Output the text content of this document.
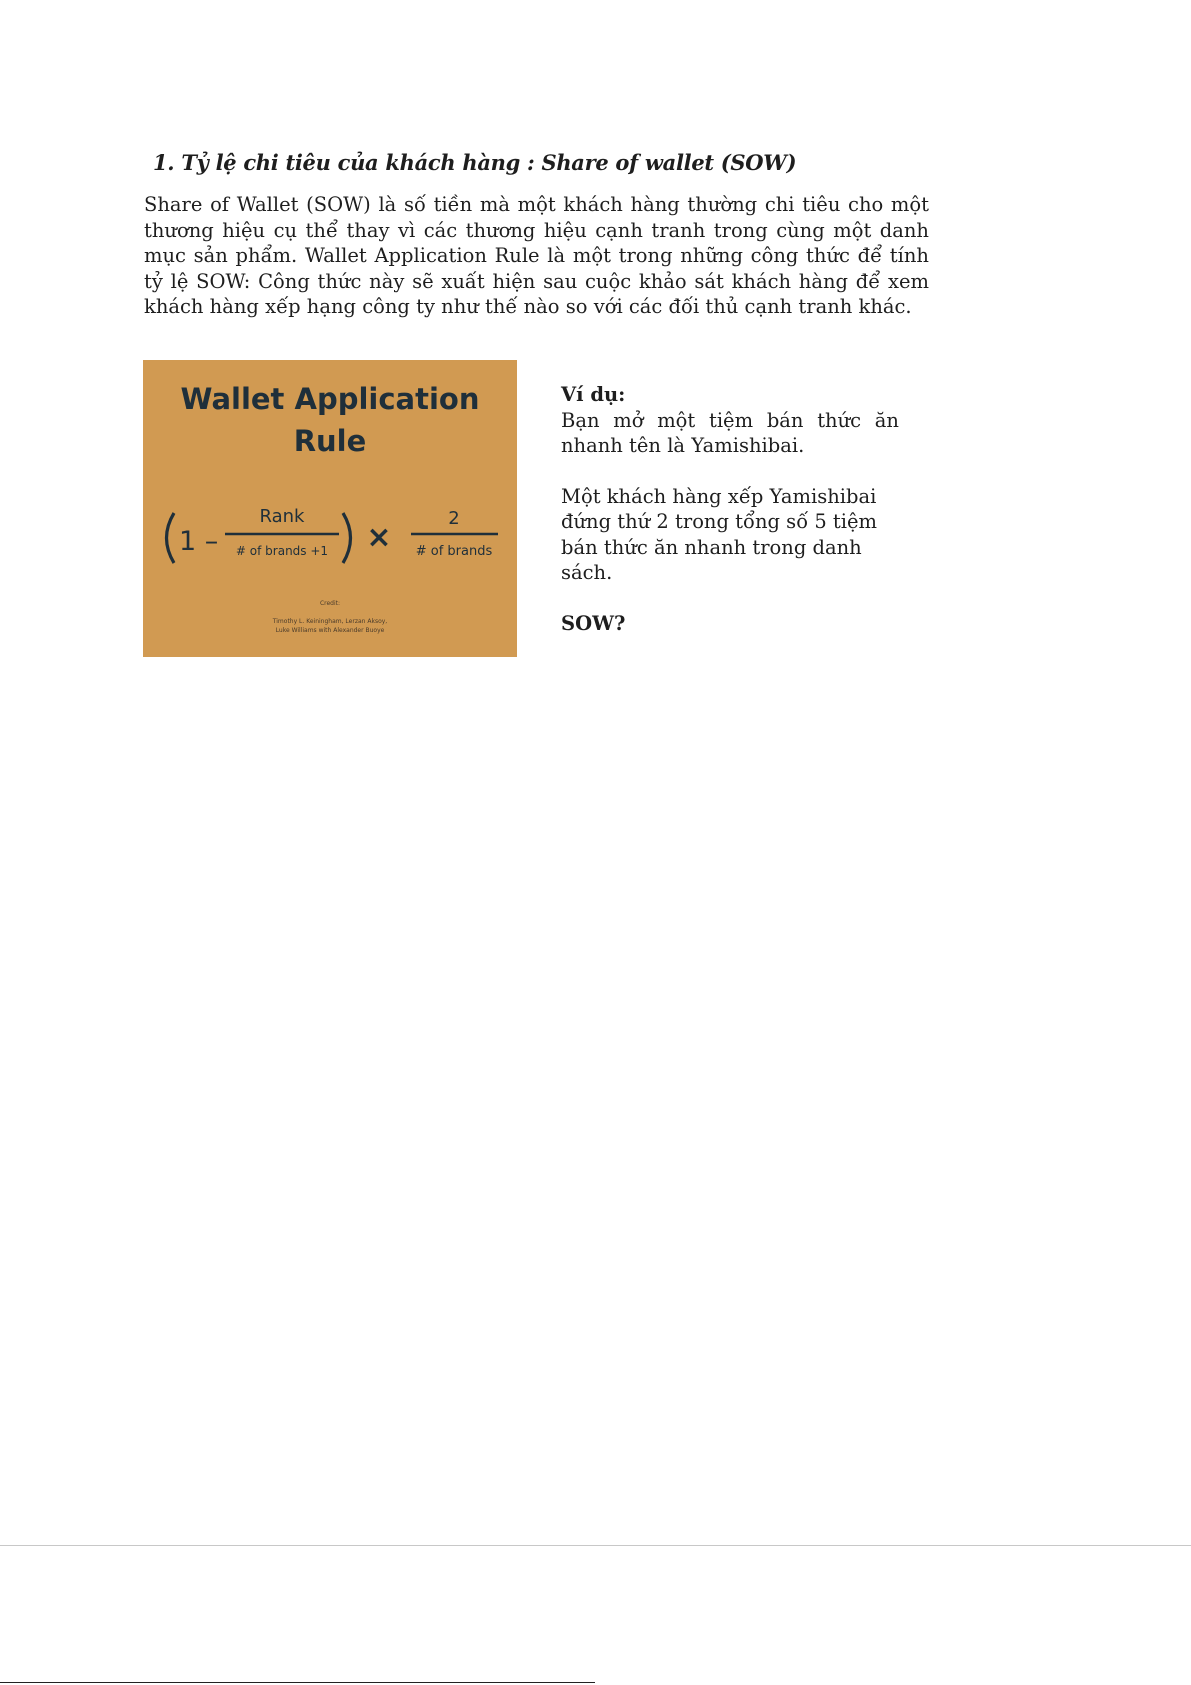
1. Tỷ lệ chi tiêu của khách hàng : Share of wallet (SOW)

Share of Wallet (SOW) là số tiền mà một khách hàng thường chi tiêu cho một
thương hiệu cụ thể thay vì các thương hiệu cạnh tranh trong cùng một danh
mục sản phẩm. Wallet Application Rule là một trong những công thức để tính
tỷ lệ SOW: Công thức này sẽ xuất hiện sau cuộc khảo sát khách hàng để xem
khách hàng xếp hạng công ty như thế nào so với các đối thủ cạnh tranh khác.

Wallet Application
Rule
1 –
Rank
# of brands +1 ×
2
# of brands
Credit:
Timothy L. Keiningham, Lerzan Aksoy,
Luke Williams with Alexander Buoye
Ví dụ:
Bạn mở một tiệm bán thức ăn nhanh tên là Yamishibai.
Một khách hàng xếp Yamishibai đứng thứ 2 trong tổng số 5 tiệm bán thức ăn nhanh trong danh sách.
SOW?
